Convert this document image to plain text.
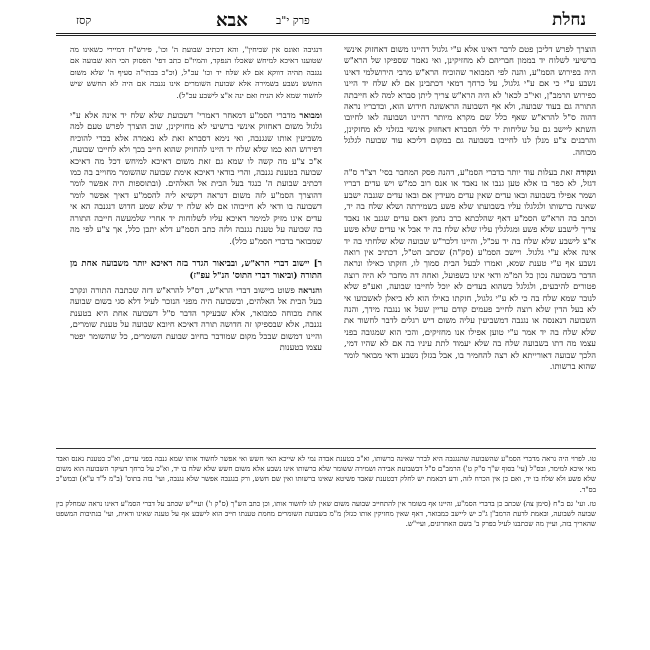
נחלת
פרק י"ב
אבא
קסז

הוצרך לפרש דליכן פטם לרבר דאינו אלא ע"י גלגול דהיינו משום דאחזוק אינשי ברשיעי לשלוח יד בממון חבריהם לא מחזיקינן, ואי נאמר שספיקו של הרא"ש היה בפירוש הסמ"ע, והנה לפי המבואר שהוכיח הרא"ש מרבי הירושלמי דאינו נשבע ע"י כי אם ע"י גלגול, על כרחך דמאי דכתבינן אם לא שלח יד היינו כפירוש הרמב"ן, ואי"כ לכאו' לא היה הרא"ש צריך ליתן סברא למה לא חייבתה התורה גם בעוד שבועה, ולא אף השבועה הראשונה חידוש הוא, ובדבריו נראה דהוה ס"ל להרא"ש שאף כלל שם מקרא מיותר דהיינו ושבועה לאו לחיובו השתא ליישב גם על שליחות יד ללי הסברא דאחזוק אינשי בגזלני לא מחזקינן, והרבנים צ"ע מנלן לנו לחייבו בשבועה גם במקום דליכא עוד שבועה לגלגל מכוחה.

ונקודה זאת בעלות עוד יותר בדברי הסמ"ע, דהנה פסק המחבר בסי' רצ"ד ס"ה דגזל, לא כפר בו אלא טען גנבו או נאבד או אנס רוב כמ"ש ויש עדים דבריו ושמר אפילו בשבועה ובאו עדים שאין עדים מעידין אם ובאו עדים שגנבה ישבע שאינה ברשותו ולגלגלו עליו בשבועתו שלא פשע בשמירתה ושלא שלח בה יד, וכתב בה הרא"ש הסמ"ע דאף שהלכתא כרב נחמן דאם עדים שגנב או נאבד צריך לישבע שלא פשע ומגלגלין עליו שלא שלח בה יד אבל אי עדים שלא פשע א"צ לישבע שלא שלח בה יד עכ"ל, והיינו דלכר"ש שבועה שלא שלחתי בה יד אינה אלא ע"י גלגול. ויישב הסמ"ע (סק"ה) שכתב הט"ל, דכתיב אין רואה נשבע אף ע"י טענת שמא, ואמרו לבעל הבית סמוך לו, חזקתו כאילו ונראה הדבר בשבועה נכון כל המ"מ ודאי אינו כשפועל, ואחה דה מחבר לא היה רוצה פטורים להיבעים, ולגלגל כשהוא בעדים לא יוכל לחייבו שבועה, ואע"פ שלא לנובר שמא שלח בה כי לא ע"י גלגול, חזקתו כאילו הוא לא ביאלן לאשבועו אי לא בעל הדין שלא רוצה לחייב פעמים קודם עדיין שעל או ננגבה מידך, והנה השבועה דנאנסה או נגנבה דמשביעין עליה משום דיש רגלים לדבר לחשוד את שלא שלח בה יד אמר ע"י טוען אפילו אנו מחזיקים, והכי הוא שמגובה בפני עצמו מה דתו בשבועה שלח בה שלא יעמוד לתת עיניו בה אם לא שהיו דמי, הלכך שבועה דאורייתא לא רצה להחמיר בו, אבל בגזלן נשבע ודאי מבואר לומר שהוא ברשותו.

דנגיבה ואונס אין שכיחין", והא דכתיב שבועת ה' וכו', פירש"ח דמיירי כשאינו מה שטוענו דאיכא למיחש שאכלו הנפקד, והמיו"ם כתב דפי' הפסוק הכי הוא שבועה אם נגנבה תהיה דווקא אם לא שלח יד וכו' עכ"ל, (וכ"כ בבתי"ה סעיף ה' שלא משום החשש נשבע בשמירה אלא שבועת השומרים אינו נגנבה אם היה לא החשש שיש לחשוד שמא לא הניח ואם ינה א"צ לישבע עכ"ל).

ומבואר מדברי הסמ"ע דמאחר דאמרי' דשבועת שלא שלח יד אינה אלא ע"י גלגול משום דאחזוק אינשי ברשיעי לא מחזיקינן, שוב הוצרך לפרש טעם למה משביעין אותו שנגנבה, ואי נימא דסברא זאת לא נאמרה אלא בכדי להוכיח דפירוש הוא כמו שלא שלח יד היינו להחזיק שהוא חייב בכך ולא לחייבו שבועה, א"כ צ"ע מה קשה לו שמא גם זאת משום דאיכא למיחש דכל מה דאיכא שבועה בטענת נגנבה, והרי בודאי דאיכא אימת שבועה שהשומר מחוייב בה כמו דכתיב שבועת ה' כנגד בעל הבית אל האלהים. (ובתוספות היה אפשר לומר דהוצרך הסמ"ע לזה משום דנראה דקשיא ליה להסמ"ע דאיך אפשר לומר דשבועה בו ודאי לא חייבוהו אם לא שלח יד שלא שמע חדוש דנגנבה הא אי עדים אינו מזיק למימר דאיכא עליו לשלוחות יד אחרי שלמעשה חייבה התורה בה שבועה על טענת נגנבה ולזה כתב הסמ"ע דלא יתכן כלל, אך צ"ע לפי מה שמבואר בדברי הסמ"ע כלל).

ר] יישוב דברי הרא"ש, ובביאור הגדר בזה דאיכא יותר משבועה אחת מן התורה (וביאור דברי התוס' הנ"ל עפ"ז)

והנראה פשוט ביישוב דברי הרא"ש, דס"ל להרא"ש דזה שכתבה התורה ונקרב בעל הבית אל האלהים, ובשבועה היה מפני הנזכר לעיל דלא סגי בשום שבועה אחת מכוחה כמבואר, אלא שבעיקר הדבר ס"ל דשבועה אחת היא בטענת נגנבה, אלא שבספיקו זה חדושה תורה דאיכא חיובא שבועה על טענת שומרים, והיינו דמשום שבכל מקום שמודבר בחיוב שבועת השומרים, כל שהשומר יפטר עצמו בטענות

טו. לפרוי היה נראה מדברי הסמ"ע שהשבועה שהנגנבה היא לברר שאינה ברשותו, וא"כ בטענת אבדה נמי לא שייכא האי חשש ואי אפשר לחשוד אותו שמא גנבה בפני עדים, וא"כ בטענת נאנס ואבד מאי איכא למימר, ובס"ל (עי' בסוף ש"ך ס"ק ט') הרמב"ם ס"ל דבשבועת אבידה ושמירה ששומר שלא ברשותו אינו נשבע אלא משום חשש שלא שלח בו יד, וא"כ על כרחך דעיקר השבועה הוא משום שלא פשע ולא שלח בו יד, ואם כן אין הכרח לזה, ודע דבאמת יש לחלק דבטענת שאבד פשיטא שאינו ברשותו ואין שם חשש, ורק בנגנבה אפשר שלא נגנבה, ועי' בזה בתוס' (ב"מ ל"ד ע"א) ובמש"כ בס"ד.

טז. ועי' גם ב"ח (סימן צה) שכתב כן בדברי הסמ"ע, והיינו אף בשומר אין להתחייב שבועה משום שאין לנו לחשוד אותו, וכן כתב הש"ך (ס"ק ו') ועיי"ש שכתב על דברי הסמ"ע דאינו נראה שמחלק בין שבועה לשבועה, ובאמת לדעת הרמב"ן ג"כ יש ליישב כמבואר, דאף שאין מחזיקין אותו כגזלן מ"מ בשבועת השומרים מחמת טענתו חייב הוא לישבע אף על טענה שאינו ודאית, ועי' בנתיבות המשפט שהאריך בזה, ועיין מה שכתבנו לעיל בפרק ב' בשם האחרונים, ועיי"ש.
